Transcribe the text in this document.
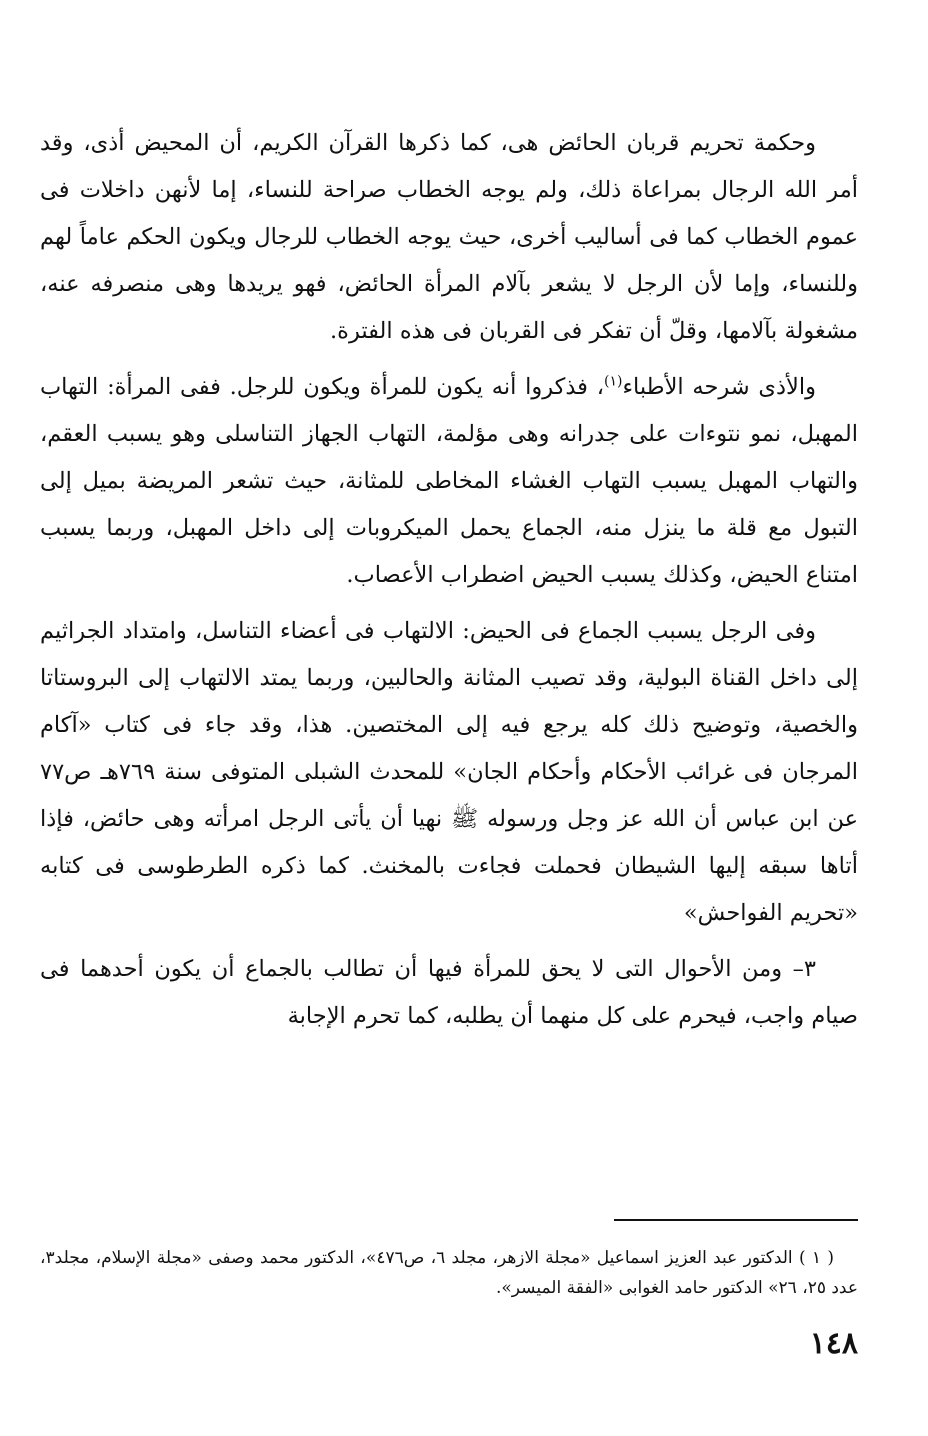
وحكمة تحريم قربان الحائض هى، كما ذكرها القرآن الكريم، أن المحيض أذى، وقد أمر الله الرجال بمراعاة ذلك، ولم يوجه الخطاب صراحة للنساء، إما لأنهن داخلات فى عموم الخطاب كما فى أساليب أخرى، حيث يوجه الخطاب للرجال ويكون الحكم عاماً لهم وللنساء، وإما لأن الرجل لا يشعر بآلام المرأة الحائض، فهو يريدها وهى منصرفه عنه، مشغولة بآلامها، وقلّ أن تفكر فى القربان فى هذه الفترة.

والأذى شرحه الأطباء$^{(١)}$، فذكروا أنه يكون للمرأة ويكون للرجل. ففى المرأة: التهاب المهبل، نمو نتوءات على جدرانه وهى مؤلمة، التهاب الجهاز التناسلى وهو يسبب العقم، والتهاب المهبل يسبب التهاب الغشاء المخاطى للمثانة، حيث تشعر المريضة بميل إلى التبول مع قلة ما ينزل منه، الجماع يحمل الميكروبات إلى داخل المهبل، وربما يسبب امتناع الحيض، وكذلك يسبب الحيض اضطراب الأعصاب.

وفى الرجل يسبب الجماع فى الحيض: الالتهاب فى أعضاء التناسل، وامتداد الجراثيم إلى داخل القناة البولية، وقد تصيب المثانة والحالبين، وربما يمتد الالتهاب إلى البروستاتا والخصية، وتوضيح ذلك كله يرجع فيه إلى المختصين. هذا، وقد جاء فى كتاب «آكام المرجان فى غرائب الأحكام وأحكام الجان» للمحدث الشبلى المتوفى سنة ٧٦٩هـ ص٧٧ عن ابن عباس أن الله عز وجل ورسوله ﷺ نهيا أن يأتى الرجل امرأته وهى حائض، فإذا أتاها سبقه إليها الشيطان فحملت فجاءت بالمخنث. كما ذكره الطرطوسى فى كتابه «تحريم الفواحش»

٣– ومن الأحوال التى لا يحق للمرأة فيها أن تطالب بالجماع أن يكون أحدهما فى صيام واجب، فيحرم على كل منهما أن يطلبه، كما تحرم الإجابة

( ١ ) الدكتور عبد العزيز اسماعيل «مجلة الازهر، مجلد ٦، ص٤٧٦»، الدكتور محمد وصفى «مجلة الإسلام، مجلد٣، عدد ٢٥، ٢٦» الدكتور حامد الغوابى «الفقة الميسر».

١٤٨
